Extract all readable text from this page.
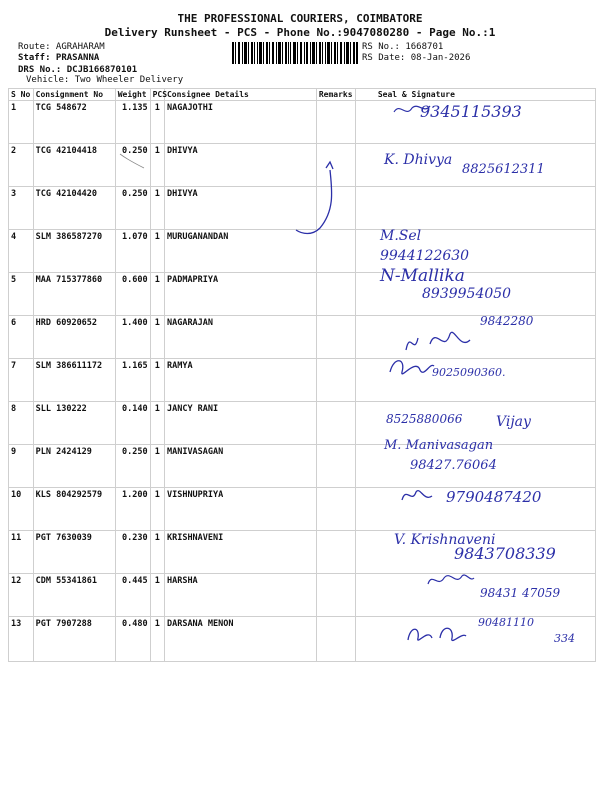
THE PROFESSIONAL COURIERS, COIMBATORE
Delivery Runsheet - PCS - Phone No.:9047080280 - Page No.:1
Route: AGRAHARAM
Staff: PRASANNA
DRS No.: DCJB166870101
Vehicle: Two Wheeler Delivery
RS No.: 1668701
RS Date: 08-Jan-2026
S No	Consignment No	Weight	PCS	Consignee Details	Remarks	Seal & Signature
1	TCG 548672	1.135	1	NAGAJOTHI		
2	TCG 42104418	0.250	1	DHIVYA		
3	TCG 42104420	0.250	1	DHIVYA		
4	SLM 386587270	1.070	1	MURUGANANDAN		
5	MAA 715377860	0.600	1	PADMAPRIYA		
6	HRD 60920652	1.400	1	NAGARAJAN		
7	SLM 386611172	1.165	1	RAMYA		
8	SLL 130222	0.140	1	JANCY RANI		
9	PLN 2424129	0.250	1	MANIVASAGAN		
10	KLS 804292579	1.200	1	VISHNUPRIYA		
11	PGT 7630039	0.230	1	KRISHNAVENI		
12	CDM 55341861	0.445	1	HARSHA		
13	PGT 7907288	0.480	1	DARSANA MENON		
9345115393
K. Dhivya
8825612311
M.Sel
9944122630
N-Mallika
8939954050
9842280
9025090360.
8525880066 Vijay
M. Manivasagan
98427.76064
9790487420
V. Krishnaveni
9843708339
98431 47059
90481110
334
